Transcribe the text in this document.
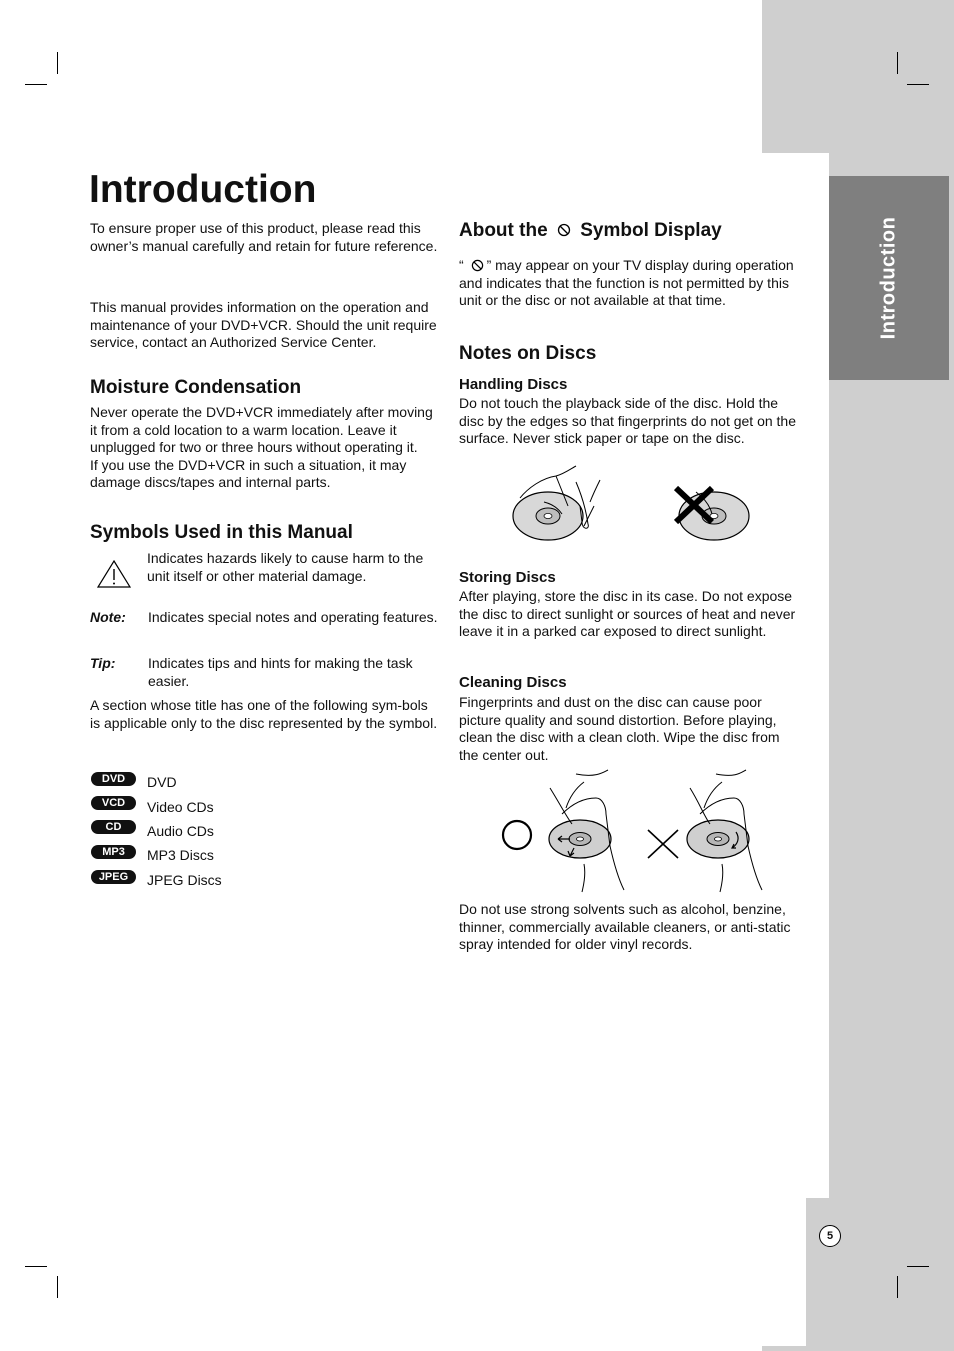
Introduction
Introduction

To ensure proper use of this product, please read this owner’s manual carefully and retain for future reference.

This manual provides information on the operation and maintenance of your DVD+VCR. Should the unit require service, contact an Authorized Service Center.

Moisture Condensation

Never operate the DVD+VCR immediately after moving it from a cold location to a warm location. Leave it unplugged for two or three hours without operating it.
If you use the DVD+VCR in such a situation, it may damage discs/tapes and internal parts.

Symbols Used in this Manual

Indicates hazards likely to cause harm to the unit itself or other material damage.

Note: Indicates special notes and operating features.

Tip: Indicates tips and hints for making the task easier.

A section whose title has one of the following sym-bols is applicable only to the disc represented by the symbol.

DVD	DVD
VCD	Video CDs
CD	Audio CDs
MP3	MP3 Discs
JPEG	JPEG Discs
About the Symbol Display

“ ” may appear on your TV display during operation and indicates that the function is not permitted by this unit or the disc or not available at that time.

Notes on Discs
Handling Discs

Do not touch the playback side of the disc. Hold the disc by the edges so that fingerprints do not get on the surface. Never stick paper or tape on the disc.

Storing Discs

After playing, store the disc in its case. Do not expose the disc to direct sunlight or sources of heat and never leave it in a parked car exposed to direct sunlight.

Cleaning Discs

Fingerprints and dust on the disc can cause poor picture quality and sound distortion. Before playing, clean the disc with a clean cloth. Wipe the disc from the center out.

Do not use strong solvents such as alcohol, benzine, thinner, commercially available cleaners, or anti-static spray intended for older vinyl records.

5
